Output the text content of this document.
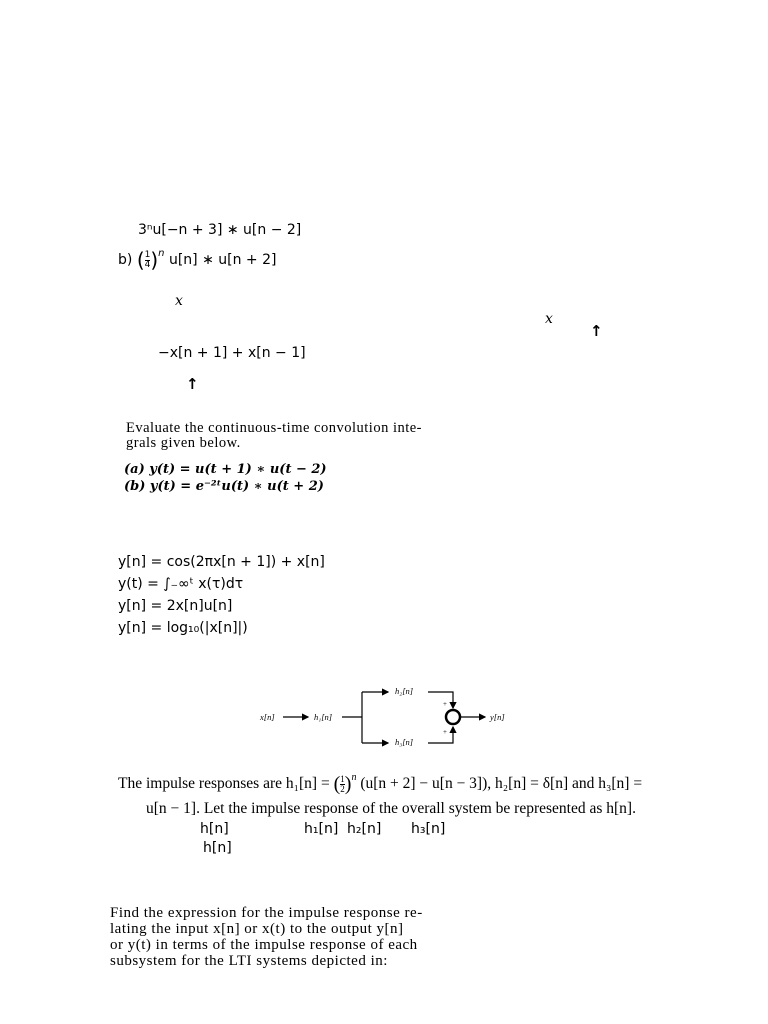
3ⁿu[−n + 3] ∗ u[n − 2]
b) ( $\frac{1}{4} )^n$ u[n] ∗ u[n + 2]
x
x
↑
−x[n + 1] + x[n − 1]
↑
Evaluate the continuous-time convolution inte-
grals given below.
(a) y(t) = u(t + 1) ∗ u(t − 2)
(b) y(t) = e⁻²ᵗu(t) ∗ u(t + 2)
y[n] = cos(2πx[n + 1]) + x[n]
y(t) = ∫₋∞ᵗ x(τ)dτ
y[n] = 2x[n]u[n]
y[n] = log₁₀(|x[n]|)
x[n]	h₁[n]
h₂[n]
h₃[n]
+
+
y[n]
The impulse responses are h₁[n] = ( $\frac{1}{2} )^n$ (u[n + 2] − u[n − 3]), h₂[n] = δ[n] and h₃[n] =
u[n − 1]. Let the impulse response of the overall system be represented as h[n].
h[n]	h₁[n] h₂[n] h₃[n]
h[n]
Find the expression for the impulse response re-
lating the input x[n] or x(t) to the output y[n]
or y(t) in terms of the impulse response of each
subsystem for the LTI systems depicted in:
